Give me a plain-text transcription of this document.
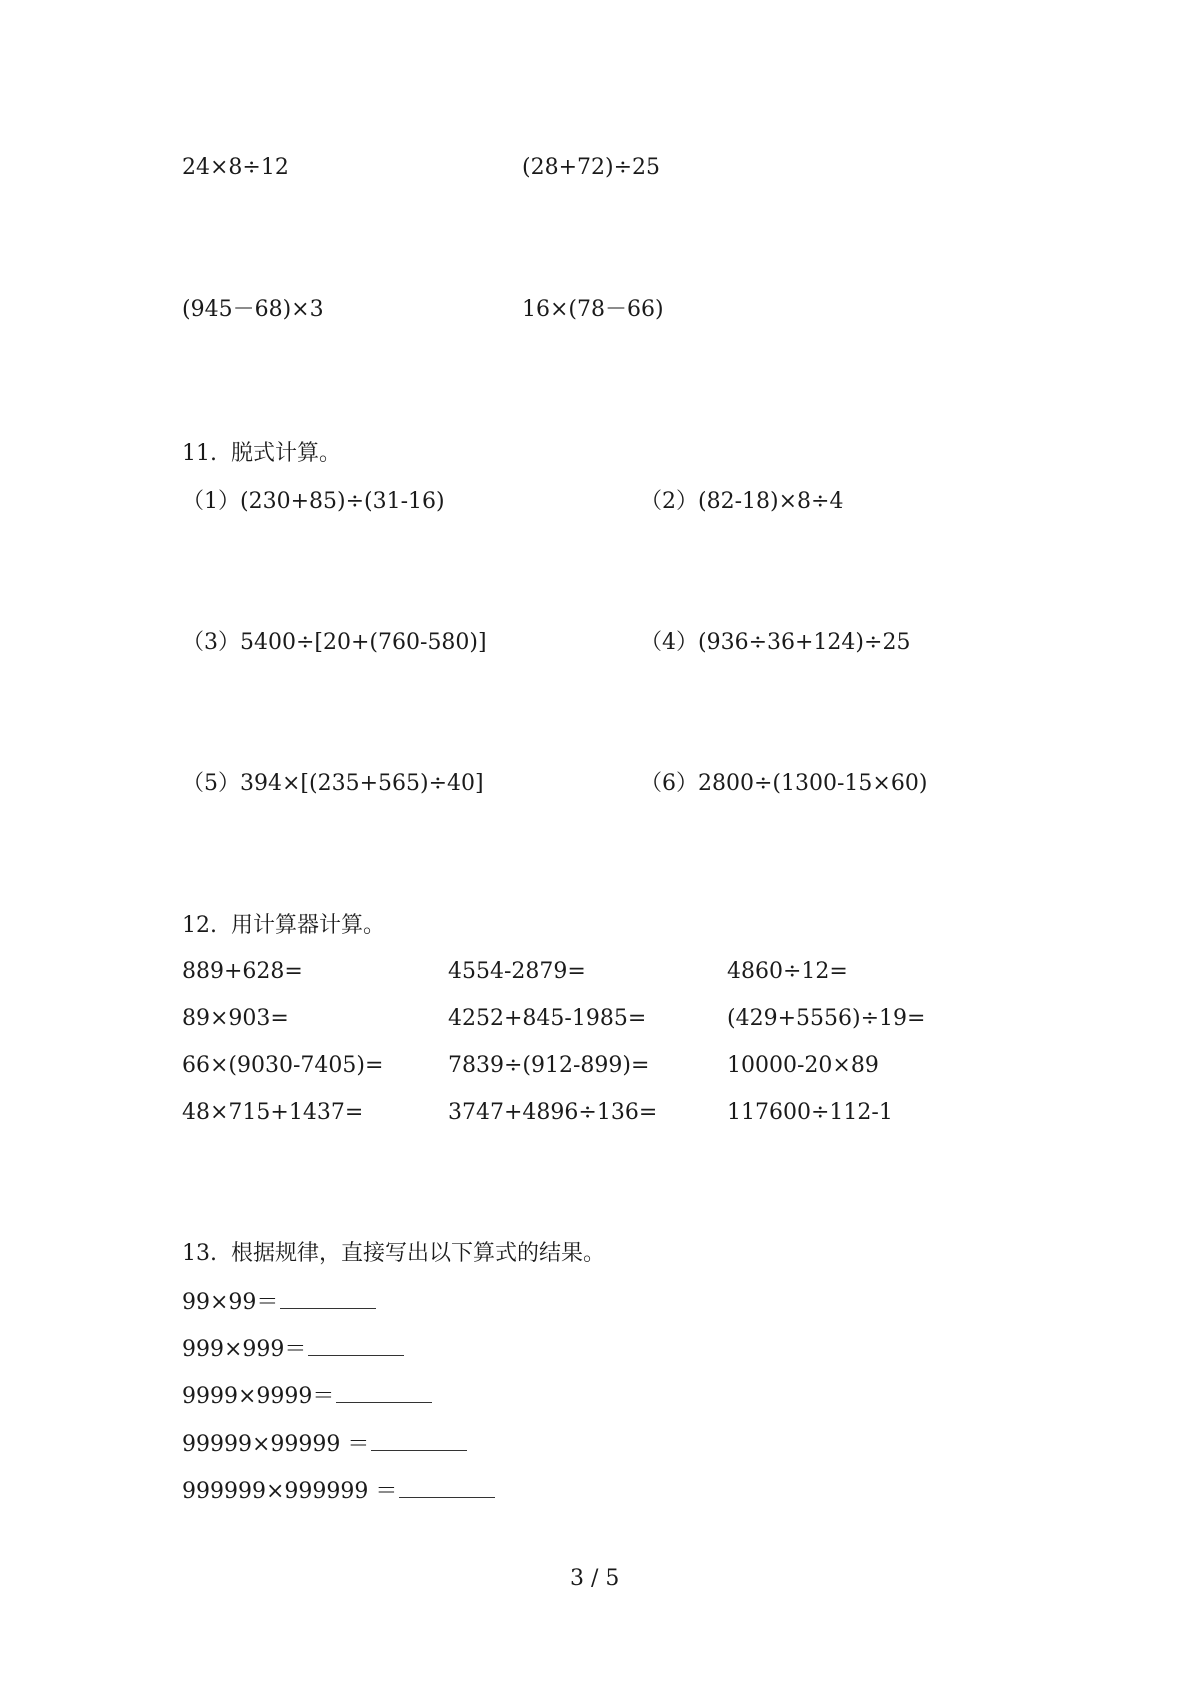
24×8÷12	(28+72)÷25
(945－68)×3	16×(78－66)
11.  脱式计算。
（1）(230+85)÷(31-16)	（2）(82-18)×8÷4
（3）5400÷[20+(760-580)]	（4）(936÷36+124)÷25
（5）394×[(235+565)÷40]	（6）2800÷(1300-15×60)
12.  用计算器计算。
889+628=	4554-2879=	4860÷12=
89×903=	4252+845-1985=	(429+5556)÷19=
66×(9030-7405)=	7839÷(912-899)=	10000-20×89
48×715+1437=	3747+4896÷136=	117600÷112-1
13.  根据规律，直接写出以下算式的结果。
99×99＝
999×999＝
9999×9999＝
99999×99999 ＝
999999×999999 ＝
3 / 5
